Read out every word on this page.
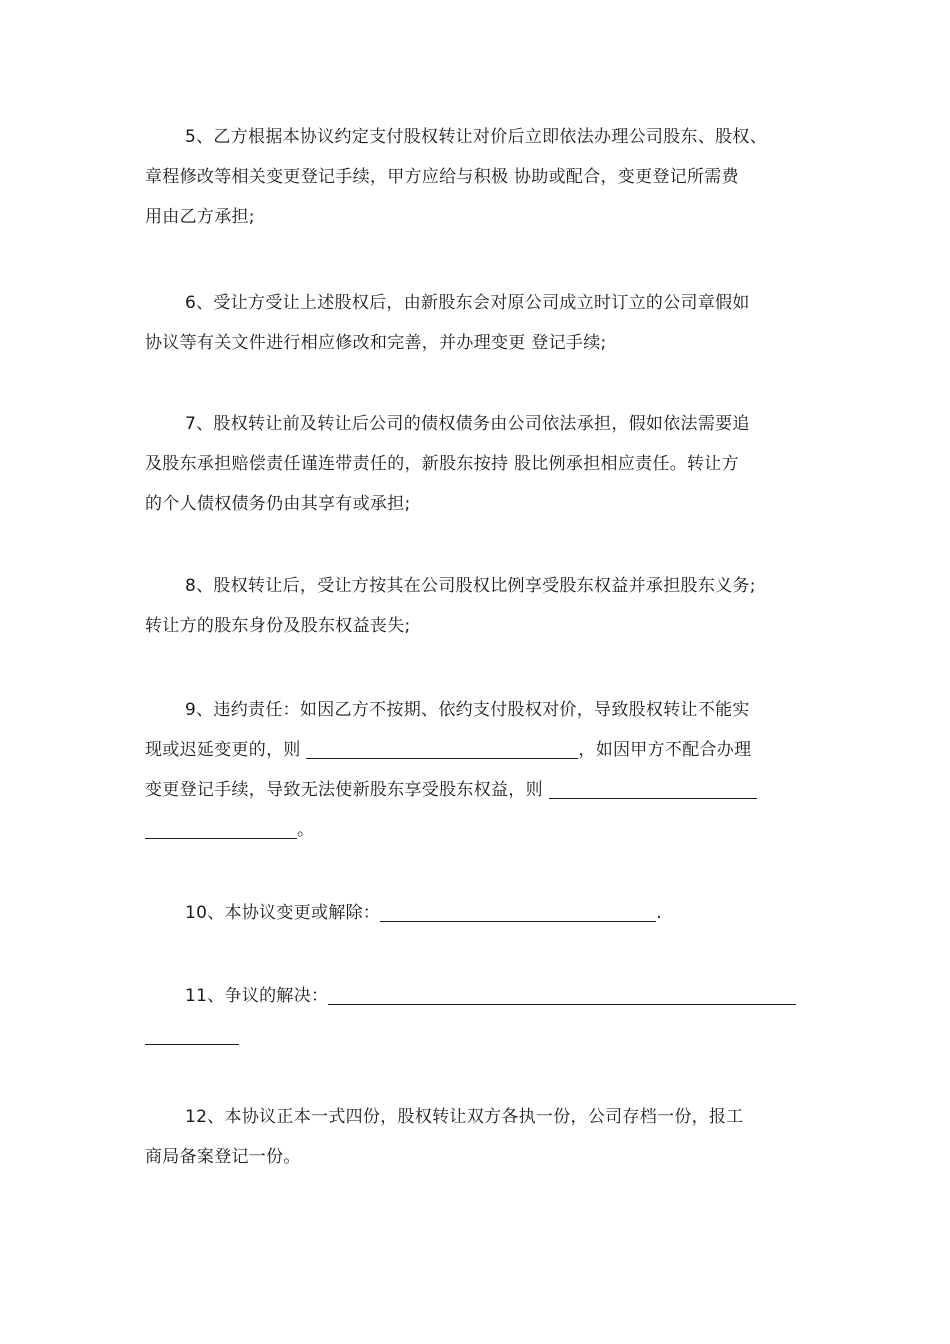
5、乙方根据本协议约定支付股权转让对价后立即依法办理公司股东、股权、
章程修改等相关变更登记手续，甲方应给与积极 协助或配合，变更登记所需费
用由乙方承担;
6、受让方受让上述股权后，由新股东会对原公司成立时订立的公司章假如
协议等有关文件进行相应修改和完善，并办理变更 登记手续;
7、股权转让前及转让后公司的债权债务由公司依法承担，假如依法需要追
及股东承担赔偿责任谨连带责任的，新股东按持 股比例承担相应责任。转让方
的个人债权债务仍由其享有或承担;
8、股权转让后，受让方按其在公司股权比例享受股东权益并承担股东义务;
转让方的股东身份及股东权益丧失;
9、违约责任：如因乙方不按期、依约支付股权对价，导致股权转让不能实
现或迟延变更的，则	，如因甲方不配合办理
变更登记手续，导致无法使新股东享受股东权益，则
。
10、本协议变更或解除：	.
11、争议的解决：
12、本协议正本一式四份，股权转让双方各执一份，公司存档一份，报工
商局备案登记一份。
